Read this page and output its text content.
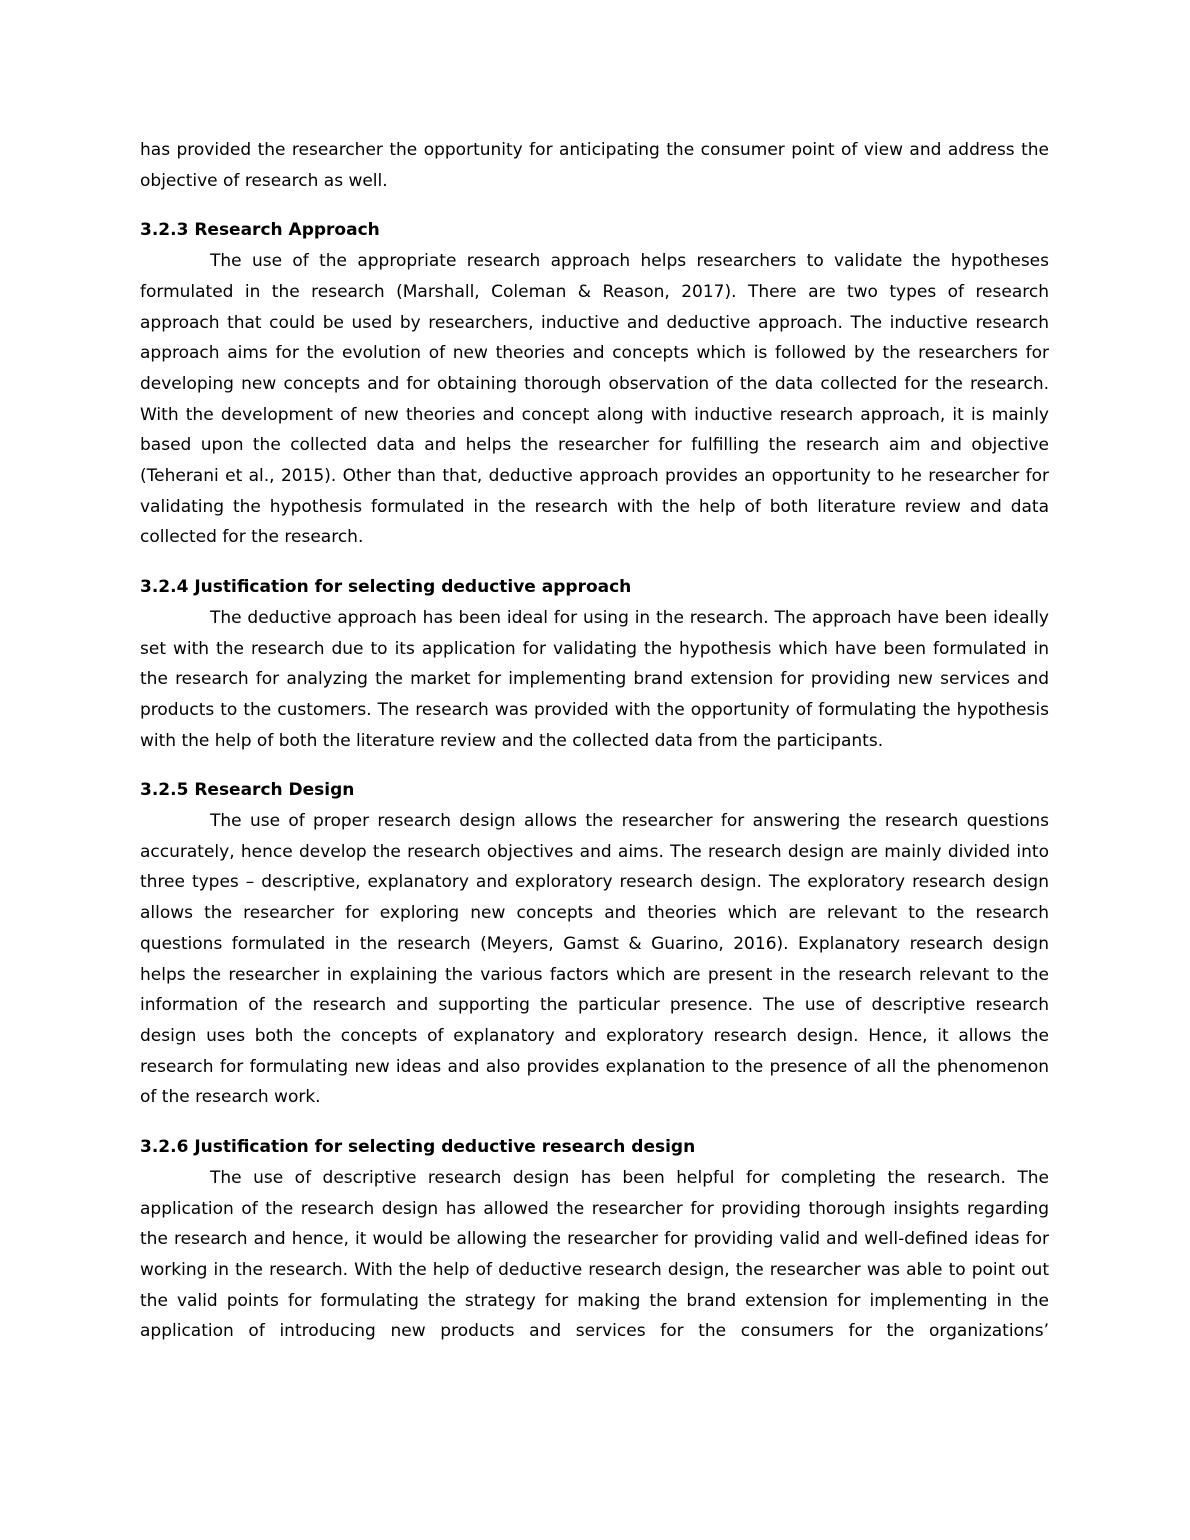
has provided the researcher the opportunity for anticipating the consumer point of view and address the objective of research as well.

3.2.3 Research Approach

The use of the appropriate research approach helps researchers to validate the hypotheses formulated in the research (Marshall, Coleman & Reason, 2017). There are two types of research approach that could be used by researchers, inductive and deductive approach. The inductive research approach aims for the evolution of new theories and concepts which is followed by the researchers for developing new concepts and for obtaining thorough observation of the data collected for the research. With the development of new theories and concept along with inductive research approach, it is mainly based upon the collected data and helps the researcher for fulfilling the research aim and objective (Teherani et al., 2015). Other than that, deductive approach provides an opportunity to he researcher for validating the hypothesis formulated in the research with the help of both literature review and data collected for the research.

3.2.4 Justification for selecting deductive approach

The deductive approach has been ideal for using in the research. The approach have been ideally set with the research due to its application for validating the hypothesis which have been formulated in the research for analyzing the market for implementing brand extension for providing new services and products to the customers. The research was provided with the opportunity of formulating the hypothesis with the help of both the literature review and the collected data from the participants.

3.2.5 Research Design

The use of proper research design allows the researcher for answering the research questions accurately, hence develop the research objectives and aims. The research design are mainly divided into three types – descriptive, explanatory and exploratory research design. The exploratory research design allows the researcher for exploring new concepts and theories which are relevant to the research questions formulated in the research (Meyers, Gamst & Guarino, 2016). Explanatory research design helps the researcher in explaining the various factors which are present in the research relevant to the information of the research and supporting the particular presence. The use of descriptive research design uses both the concepts of explanatory and exploratory research design. Hence, it allows the research for formulating new ideas and also provides explanation to the presence of all the phenomenon of the research work.

3.2.6 Justification for selecting deductive research design

The use of descriptive research design has been helpful for completing the research. The application of the research design has allowed the researcher for providing thorough insights regarding the research and hence, it would be allowing the researcher for providing valid and well-defined ideas for working in the research. With the help of deductive research design, the researcher was able to point out the valid points for formulating the strategy for making the brand extension for implementing in the application of introducing new products and services for the consumers for the organizations’
